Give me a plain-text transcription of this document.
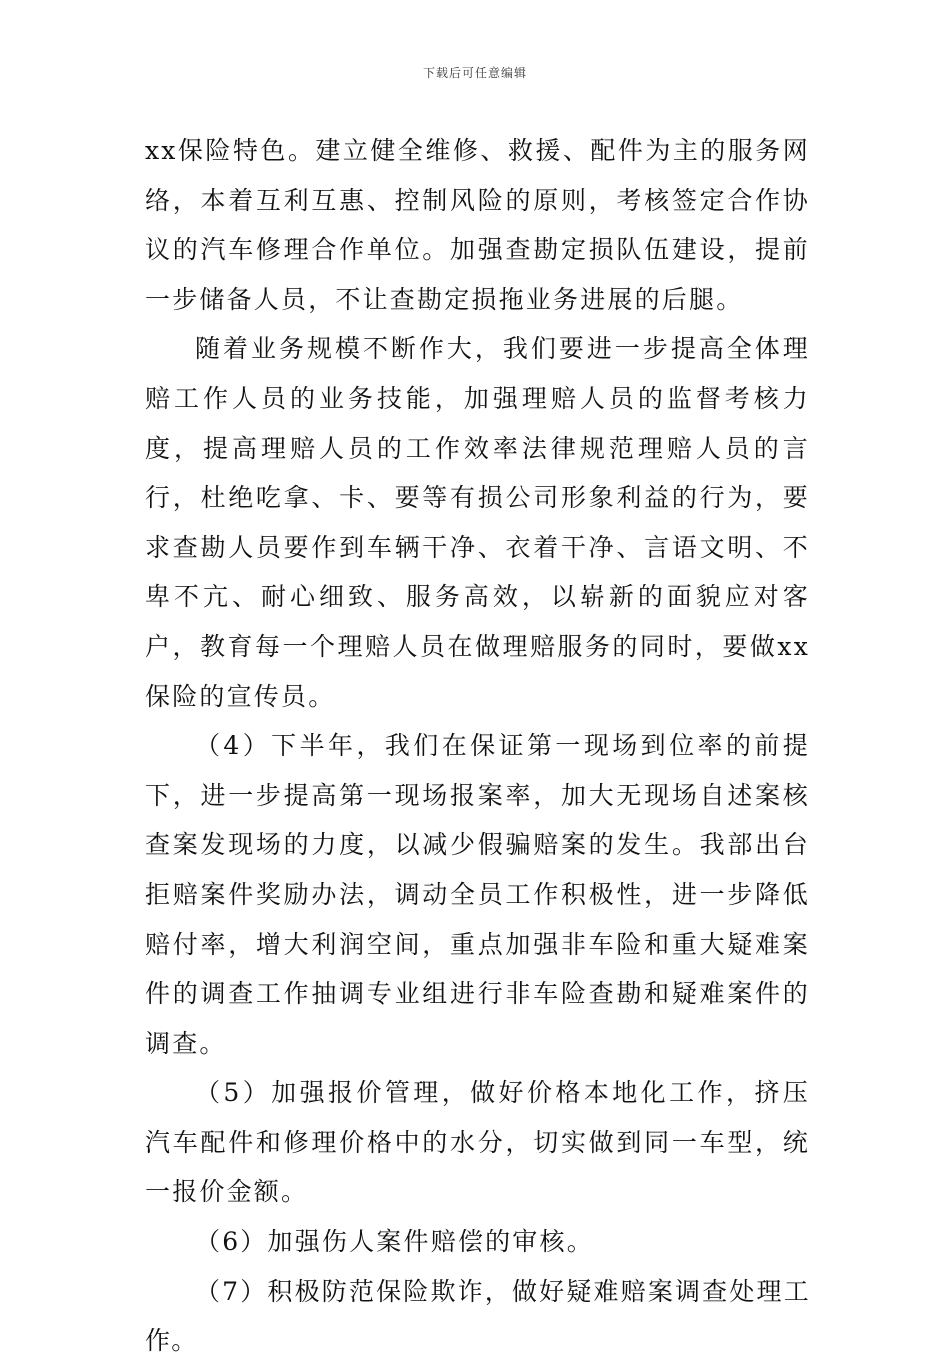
下载后可任意编辑

xx保险特色。建立健全维修、救援、配件为主的服务网络，本着互利互惠、控制风险的原则，考核签定合作协议的汽车修理合作单位。加强查勘定损队伍建设，提前一步储备人员，不让查勘定损拖业务进展的后腿。

随着业务规模不断作大，我们要进一步提高全体理赔工作人员的业务技能，加强理赔人员的监督考核力度，提高理赔人员的工作效率法律规范理赔人员的言行，杜绝吃拿、卡、要等有损公司形象利益的行为，要求查勘人员要作到车辆干净、衣着干净、言语文明、不卑不亢、耐心细致、服务高效，以崭新的面貌应对客户，教育每一个理赔人员在做理赔服务的同时，要做xx保险的宣传员。

（4）下半年，我们在保证第一现场到位率的前提下，进一步提高第一现场报案率，加大无现场自述案核查案发现场的力度，以减少假骗赔案的发生。我部出台拒赔案件奖励办法，调动全员工作积极性，进一步降低赔付率，增大利润空间，重点加强非车险和重大疑难案件的调查工作抽调专业组进行非车险查勘和疑难案件的调查。

（5）加强报价管理，做好价格本地化工作，挤压汽车配件和修理价格中的水分，切实做到同一车型，统一报价金额。

（6）加强伤人案件赔偿的审核。

（7）积极防范保险欺诈，做好疑难赔案调查处理工作。
